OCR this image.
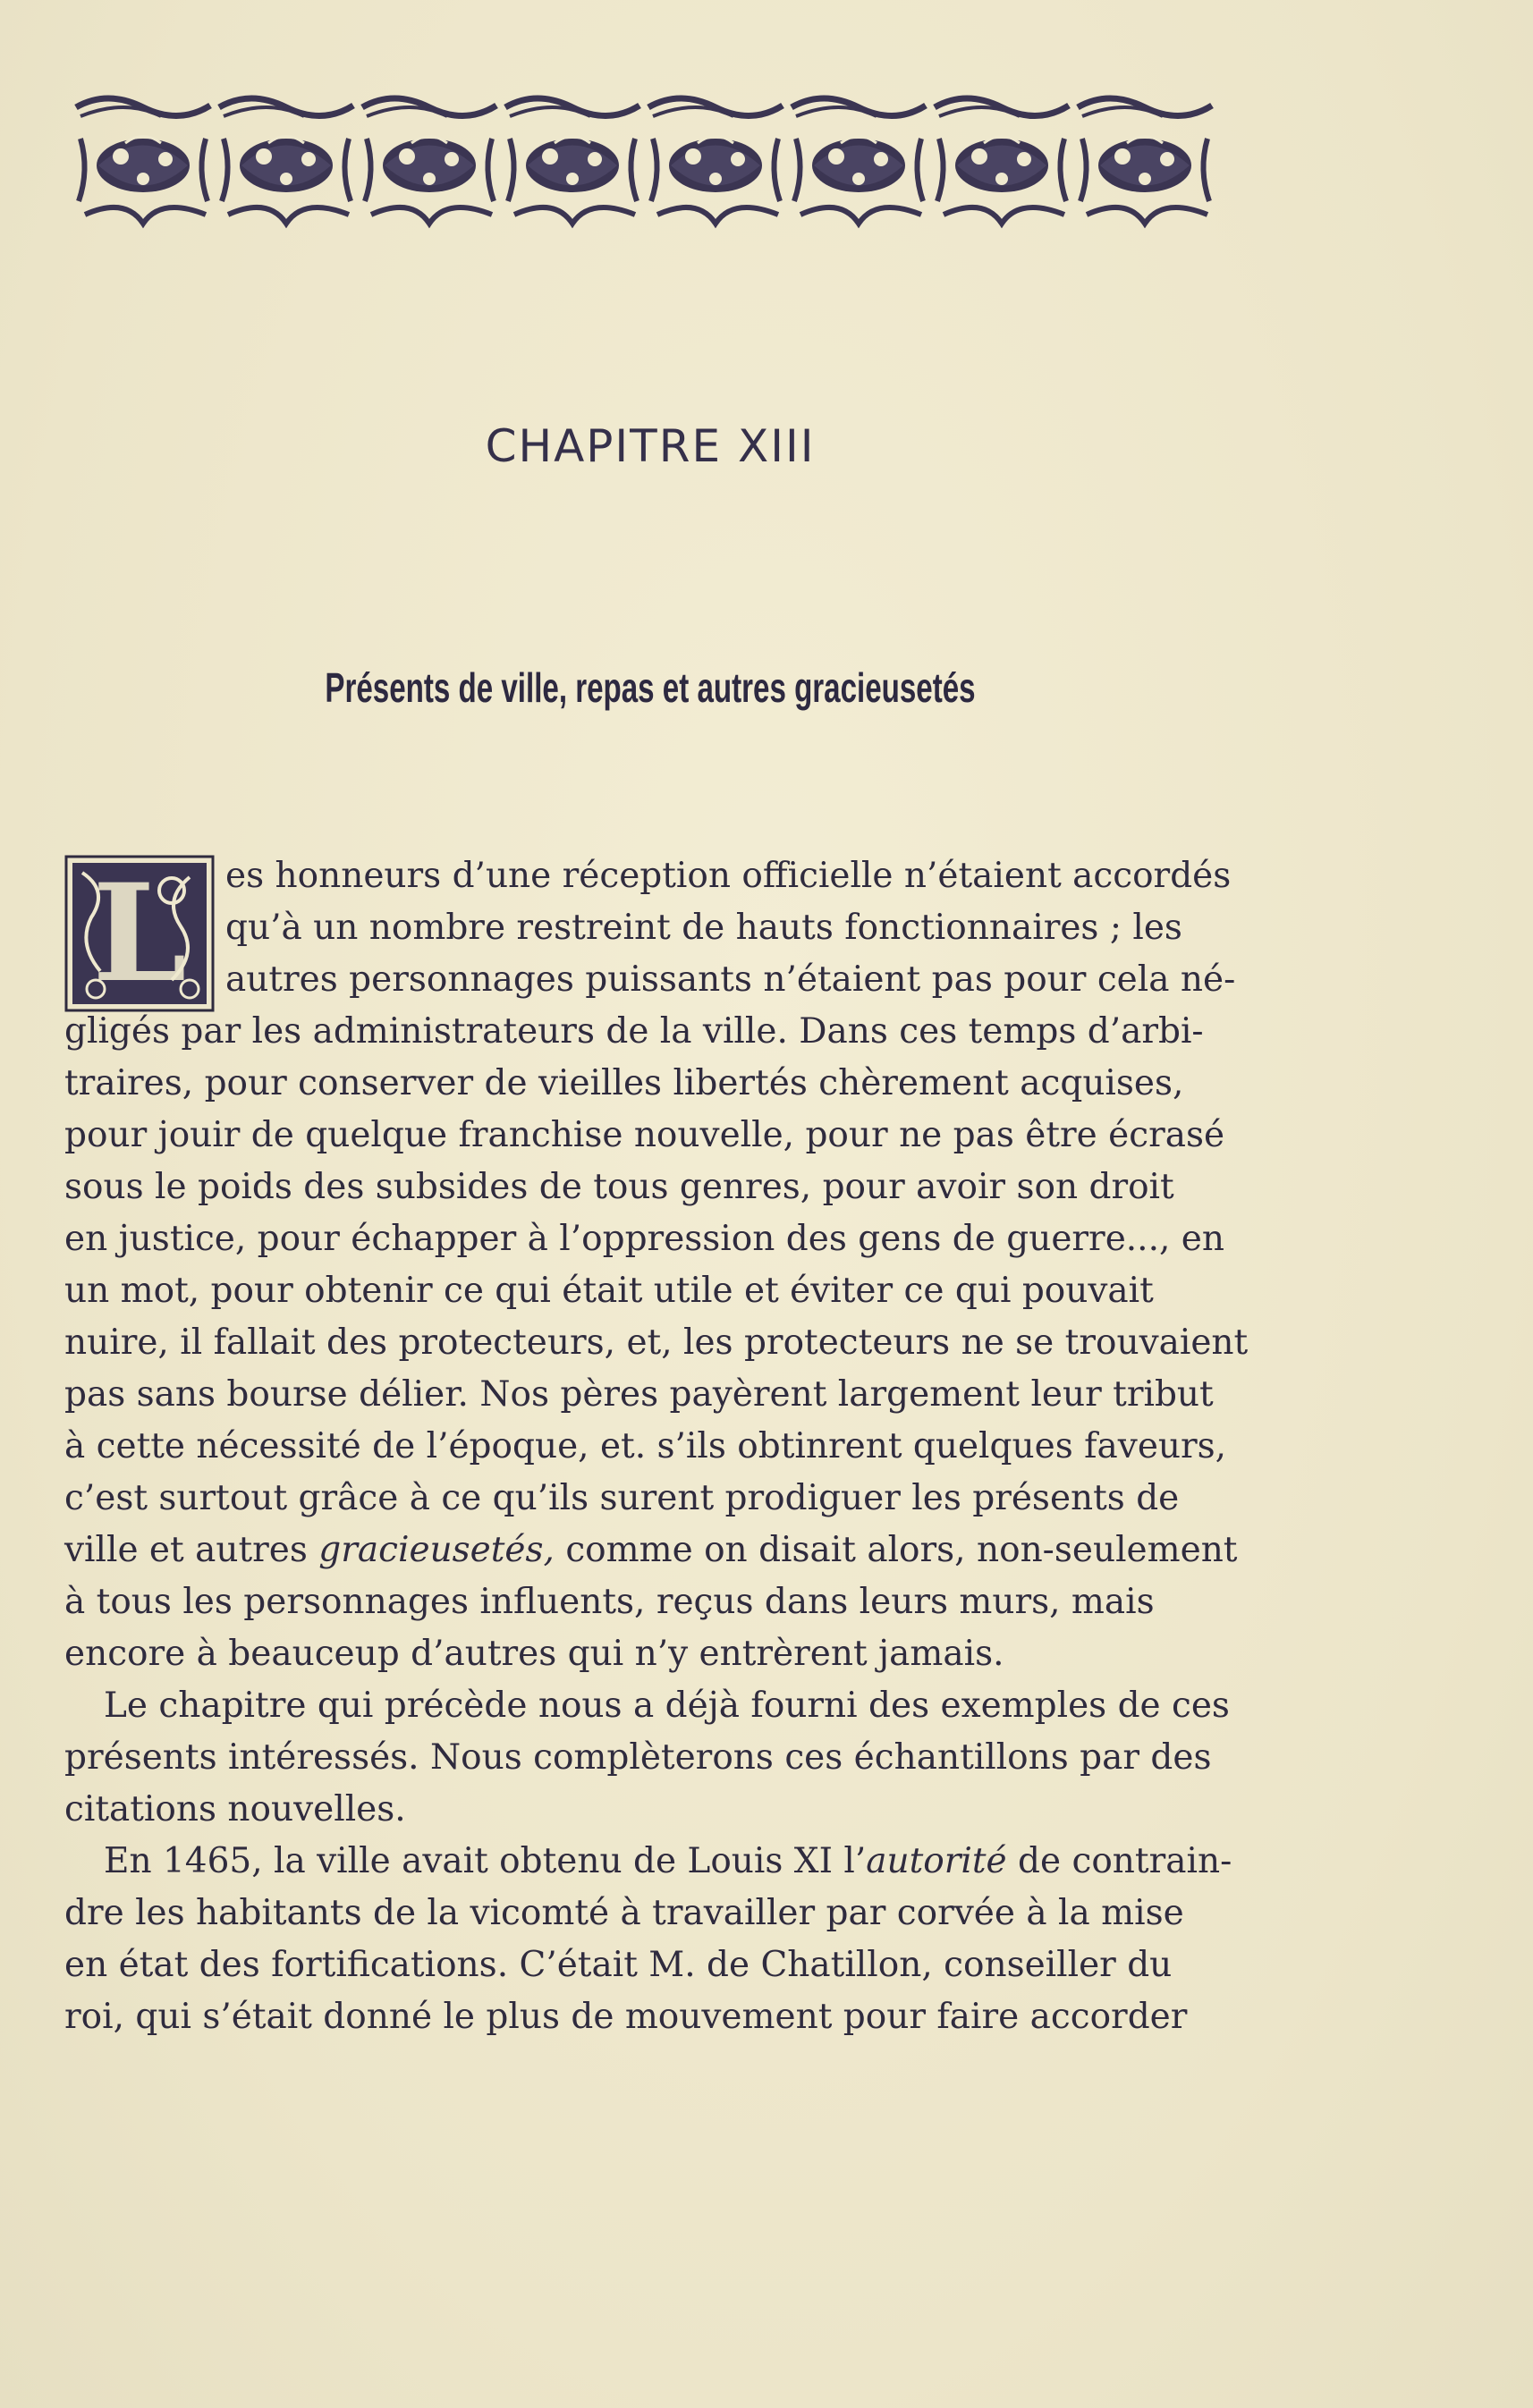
CHAPITRE XIII
Présents de ville, repas et autres gracieusetés
L	es honneurs d’une réception officielle n’étaient accordés
qu’à un nombre restreint de hauts fonctionnaires ; les
autres personnages puissants n’étaient pas pour cela né-
gligés par les administrateurs de la ville. Dans ces temps d’arbi-
traires, pour conserver de vieilles libertés chèrement acquises,
pour jouir de quelque franchise nouvelle, pour ne pas être écrasé
sous le poids des subsides de tous genres, pour avoir son droit
en justice, pour échapper à l’oppression des gens de guerre..., en
un mot, pour obtenir ce qui était utile et éviter ce qui pouvait
nuire, il fallait des protecteurs, et, les protecteurs ne se trouvaient
pas sans bourse délier. Nos pères payèrent largement leur tribut
à cette nécessité de l’époque, et. s’ils obtinrent quelques faveurs,
c’est surtout grâce à ce qu’ils surent prodiguer les présents de
ville et autres gracieusetés, comme on disait alors, non-seulement
à tous les personnages influents, reçus dans leurs murs, mais
encore à beauceup d’autres qui n’y entrèrent jamais.
Le chapitre qui précède nous a déjà fourni des exemples de ces
présents intéressés. Nous complèterons ces échantillons par des
citations nouvelles.
En 1465, la ville avait obtenu de Louis XI l’autorité de contrain-
dre les habitants de la vicomté à travailler par corvée à la mise
en état des fortifications. C’était M. de Chatillon, conseiller du
roi, qui s’était donné le plus de mouvement pour faire accorder
